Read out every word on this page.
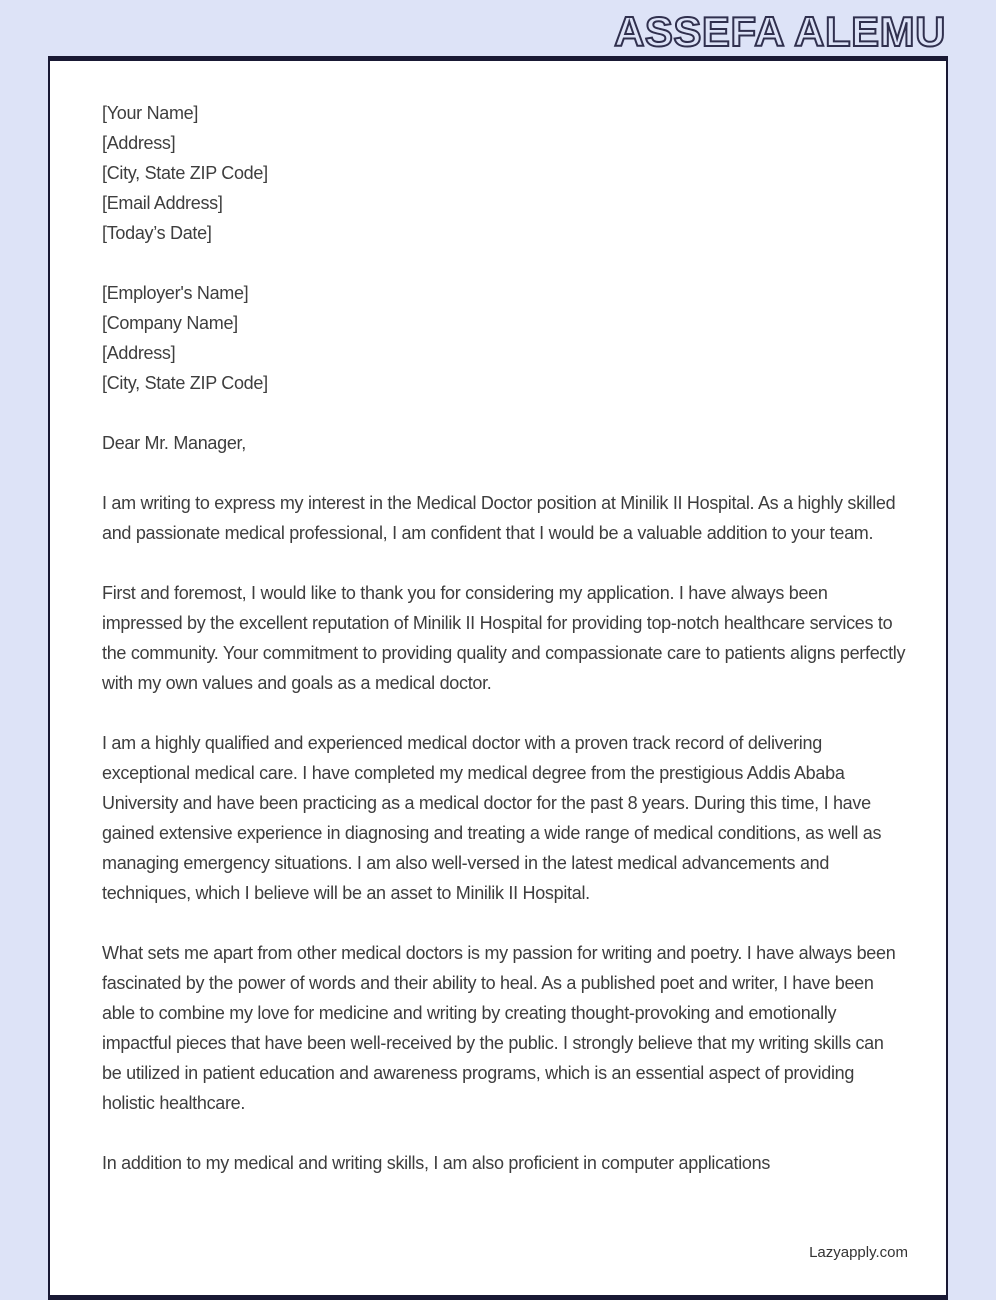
ASSEFA ALEMU
[Your Name]
[Address]
[City, State ZIP Code]
[Email Address]
[Today’s Date]
[Employer's Name]
[Company Name]
[Address]
[City, State ZIP Code]
Dear Mr. Manager,
I am writing to express my interest in the Medical Doctor position at Minilik II Hospital. As a highly skilled and passionate medical professional, I am confident that I would be a valuable addition to your team.
First and foremost, I would like to thank you for considering my application. I have always been impressed by the excellent reputation of Minilik II Hospital for providing top-notch healthcare services to the community. Your commitment to providing quality and compassionate care to patients aligns perfectly with my own values and goals as a medical doctor.
I am a highly qualified and experienced medical doctor with a proven track record of delivering exceptional medical care. I have completed my medical degree from the prestigious Addis Ababa University and have been practicing as a medical doctor for the past 8 years. During this time, I have gained extensive experience in diagnosing and treating a wide range of medical conditions, as well as managing emergency situations. I am also well-versed in the latest medical advancements and techniques, which I believe will be an asset to Minilik II Hospital.
What sets me apart from other medical doctors is my passion for writing and poetry. I have always been fascinated by the power of words and their ability to heal. As a published poet and writer, I have been able to combine my love for medicine and writing by creating thought-provoking and emotionally impactful pieces that have been well-received by the public. I strongly believe that my writing skills can be utilized in patient education and awareness programs, which is an essential aspect of providing holistic healthcare.
In addition to my medical and writing skills, I am also proficient in computer applications
Lazyapply.com
